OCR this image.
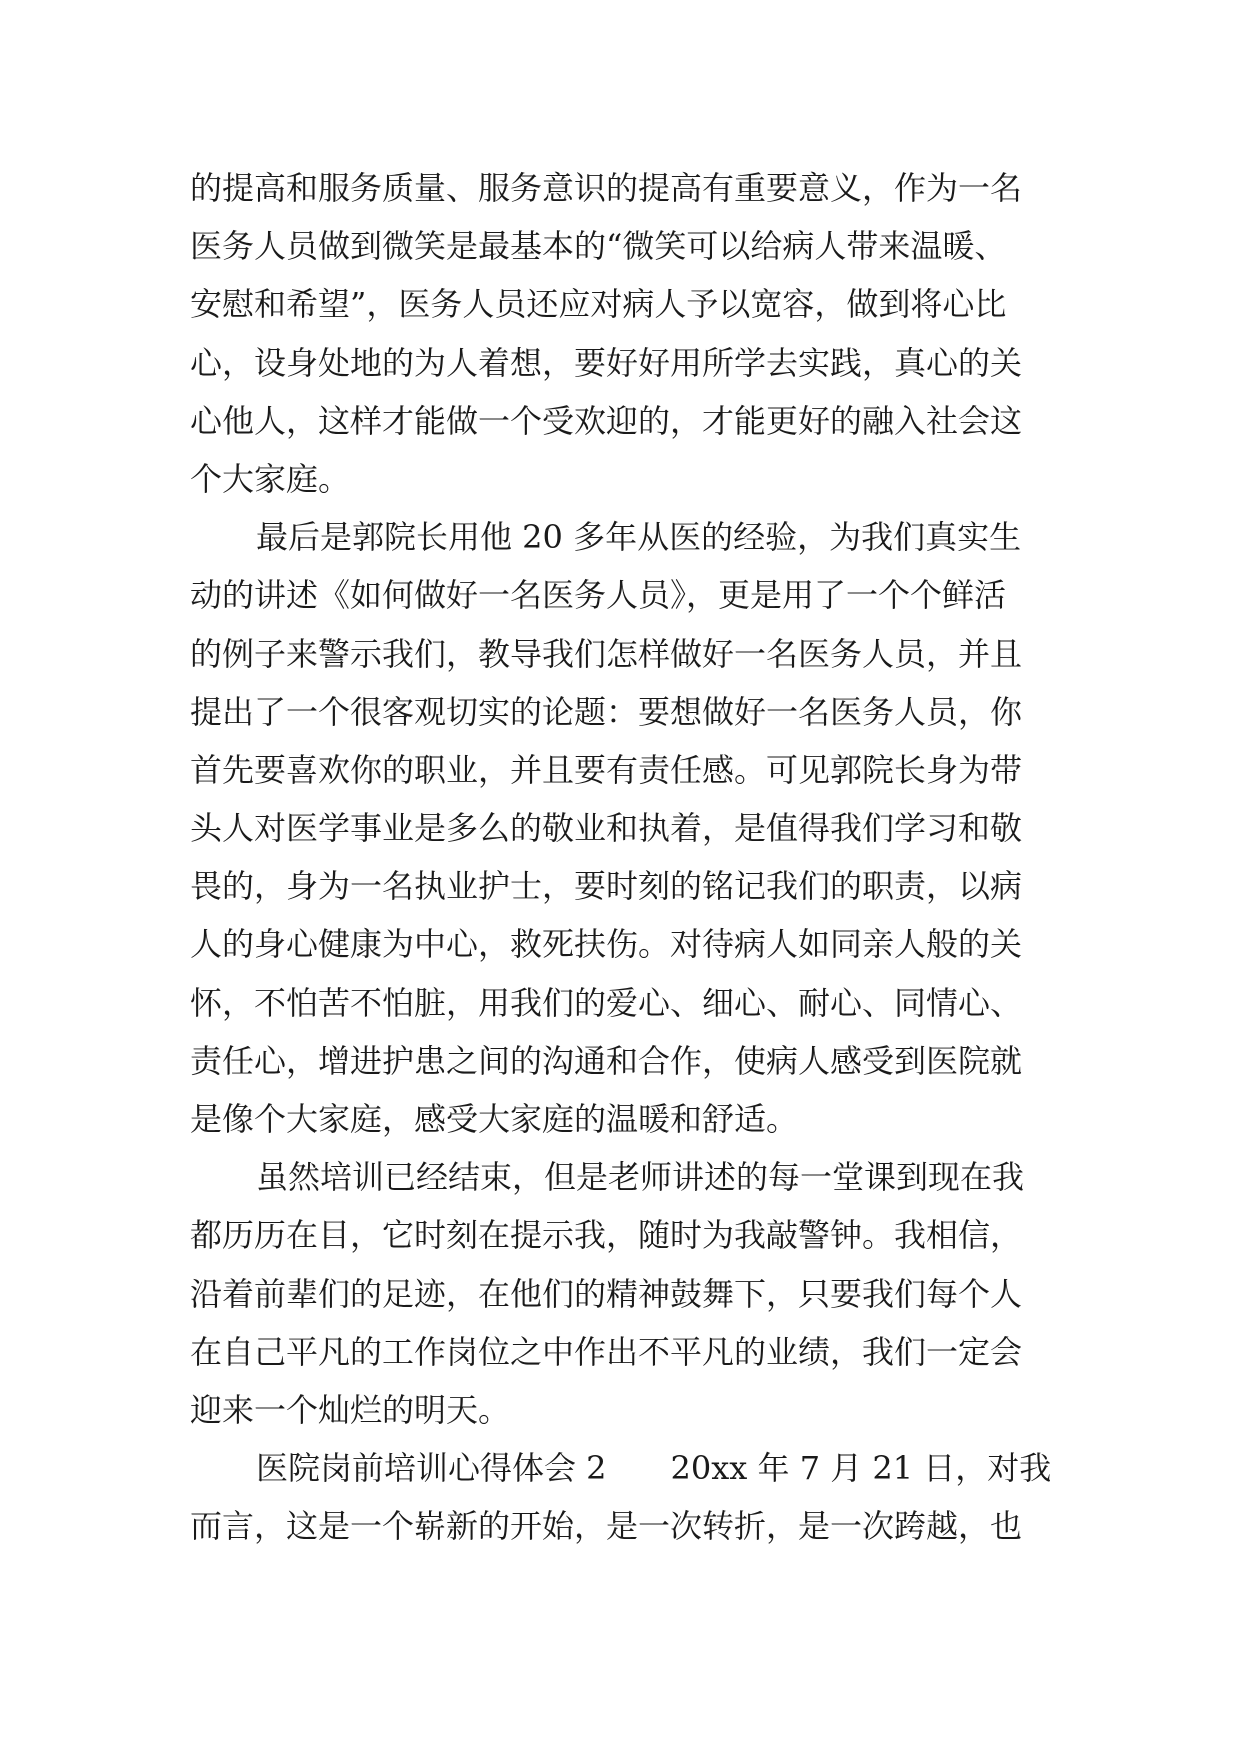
的提高和服务质量、服务意识的提高有重要意义，作为一名
医务人员做到微笑是最基本的“微笑可以给病人带来温暖、
安慰和希望”，医务人员还应对病人予以宽容，做到将心比
心，设身处地的为人着想，要好好用所学去实践，真心的关
心他人，这样才能做一个受欢迎的，才能更好的融入社会这
个大家庭。
最后是郭院长用他 20 多年从医的经验，为我们真实生
动的讲述《如何做好一名医务人员》，更是用了一个个鲜活
的例子来警示我们，教导我们怎样做好一名医务人员，并且
提出了一个很客观切实的论题：要想做好一名医务人员，你
首先要喜欢你的职业，并且要有责任感。可见郭院长身为带
头人对医学事业是多么的敬业和执着，是值得我们学习和敬
畏的，身为一名执业护士，要时刻的铭记我们的职责，以病
人的身心健康为中心，救死扶伤。对待病人如同亲人般的关
怀，不怕苦不怕脏，用我们的爱心、细心、耐心、同情心、
责任心，增进护患之间的沟通和合作，使病人感受到医院就
是像个大家庭，感受大家庭的温暖和舒适。
虽然培训已经结束，但是老师讲述的每一堂课到现在我
都历历在目，它时刻在提示我，随时为我敲警钟。我相信，
沿着前辈们的足迹，在他们的精神鼓舞下，只要我们每个人
在自己平凡的工作岗位之中作出不平凡的业绩，我们一定会
迎来一个灿烂的明天。
医院岗前培训心得体会 2　　20xx 年 7 月 21 日，对我
而言，这是一个崭新的开始，是一次转折，是一次跨越，也
